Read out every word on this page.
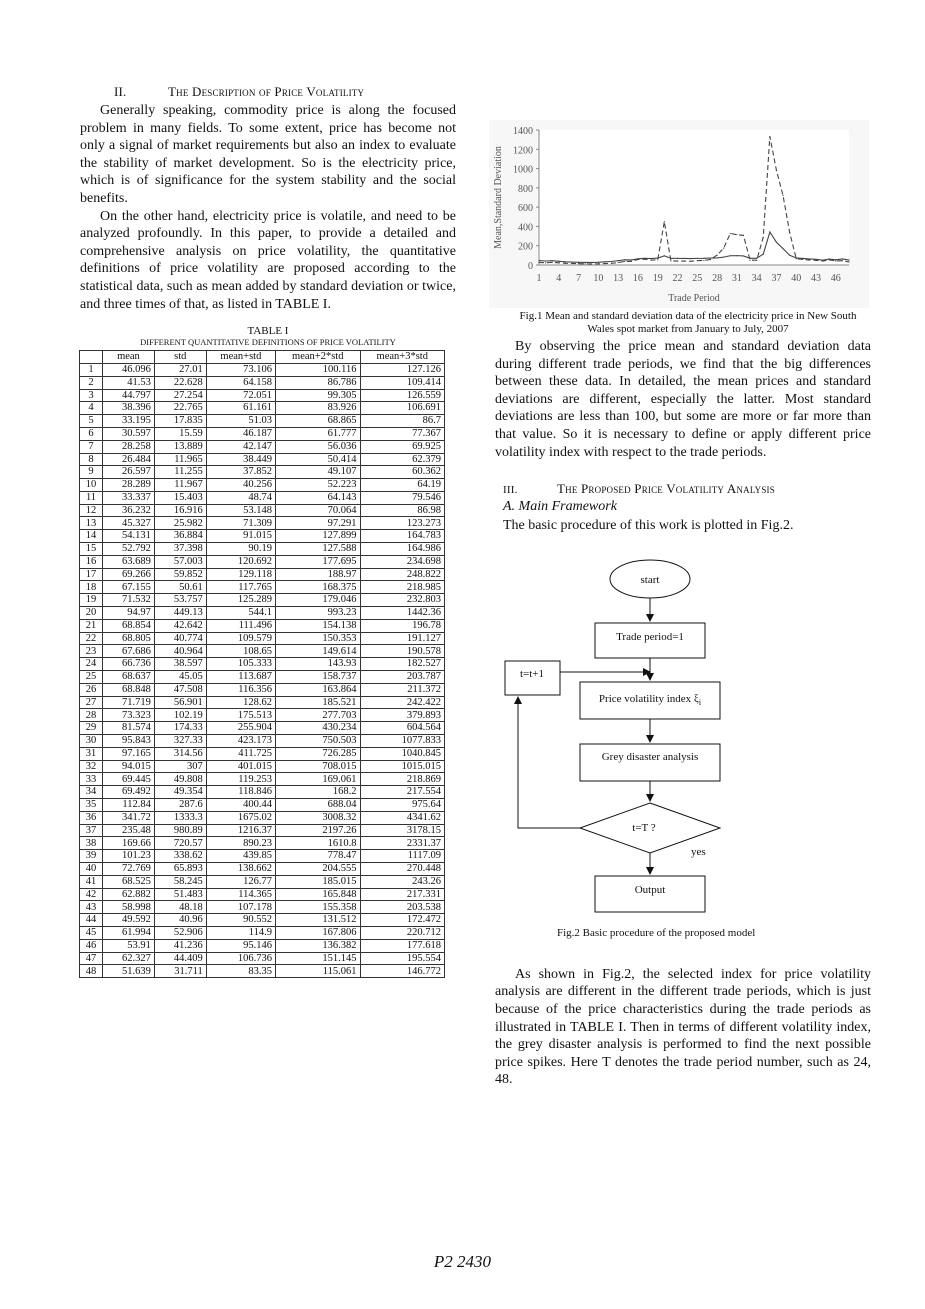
II.	The Description of Price Volatility

Generally speaking, commodity price is along the focused problem in many fields. To some extent, price has become not only a signal of market requirements but also an index to evaluate the stability of market development. So is the electricity price, which is of significance for the system stability and the social benefits.

On the other hand, electricity price is volatile, and need to be analyzed profoundly. In this paper, to provide a detailed and comprehensive analysis on price volatility, the quantitative definitions of price volatility are proposed according to the statistical data, such as mean added by standard deviation or twice, and three times of that, as listed in TABLE I.

TABLE I
DIFFERENT QUANTITATIVE DEFINITIONS OF PRICE VOLATILITY
	mean	std	mean+std	mean+2*std	mean+3*std
1	46.096	27.01	73.106	100.116	127.126
2	41.53	22.628	64.158	86.786	109.414
3	44.797	27.254	72.051	99.305	126.559
4	38.396	22.765	61.161	83.926	106.691
5	33.195	17.835	51.03	68.865	86.7
6	30.597	15.59	46.187	61.777	77.367
7	28.258	13.889	42.147	56.036	69.925
8	26.484	11.965	38.449	50.414	62.379
9	26.597	11.255	37.852	49.107	60.362
10	28.289	11.967	40.256	52.223	64.19
11	33.337	15.403	48.74	64.143	79.546
12	36.232	16.916	53.148	70.064	86.98
13	45.327	25.982	71.309	97.291	123.273
14	54.131	36.884	91.015	127.899	164.783
15	52.792	37.398	90.19	127.588	164.986
16	63.689	57.003	120.692	177.695	234.698
17	69.266	59.852	129.118	188.97	248.822
18	67.155	50.61	117.765	168.375	218.985
19	71.532	53.757	125.289	179.046	232.803
20	94.97	449.13	544.1	993.23	1442.36
21	68.854	42.642	111.496	154.138	196.78
22	68.805	40.774	109.579	150.353	191.127
23	67.686	40.964	108.65	149.614	190.578
24	66.736	38.597	105.333	143.93	182.527
25	68.637	45.05	113.687	158.737	203.787
26	68.848	47.508	116.356	163.864	211.372
27	71.719	56.901	128.62	185.521	242.422
28	73.323	102.19	175.513	277.703	379.893
29	81.574	174.33	255.904	430.234	604.564
30	95.843	327.33	423.173	750.503	1077.833
31	97.165	314.56	411.725	726.285	1040.845
32	94.015	307	401.015	708.015	1015.015
33	69.445	49.808	119.253	169.061	218.869
34	69.492	49.354	118.846	168.2	217.554
35	112.84	287.6	400.44	688.04	975.64
36	341.72	1333.3	1675.02	3008.32	4341.62
37	235.48	980.89	1216.37	2197.26	3178.15
38	169.66	720.57	890.23	1610.8	2331.37
39	101.23	338.62	439.85	778.47	1117.09
40	72.769	65.893	138.662	204.555	270.448
41	68.525	58.245	126.77	185.015	243.26
42	62.882	51.483	114.365	165.848	217.331
43	58.998	48.18	107.178	155.358	203.538
44	49.592	40.96	90.552	131.512	172.472
45	61.994	52.906	114.9	167.806	220.712
46	53.91	41.236	95.146	136.382	177.618
47	62.327	44.409	106.736	151.145	195.554
48	51.639	31.711	83.35	115.061	146.772
0
200
400
600
800
1000
1200
1400
1 4 7 10 13 16 19 22 25 28 31 34 37 40 43 46
Trade Period
Mean,Standard Deviation
Fig.1 Mean and standard deviation data of the electricity price in New South Wales spot market from January to July, 2007

By observing the price mean and standard deviation data during different trade periods, we find that the big differences between these data. In detailed, the mean prices and standard deviations are different, especially the latter. Most standard deviations are less than 100, but some are more or far more than that value. So it is necessary to define or apply different price volatility index with respect to the trade periods.

III.	The Proposed Price Volatility Analysis
A. Main Framework

The basic procedure of this work is plotted in Fig.2.

start
Trade period=1
t=t+1
Price volatility index $\xi_i$
Grey disaster analysis
t=T ?
yes
Output
Fig.2 Basic procedure of the proposed model

As shown in Fig.2, the selected index for price volatility analysis are different in the different trade periods, which is just because of the price characteristics during the trade periods as illustrated in TABLE I. Then in terms of different volatility index, the grey disaster analysis is performed to find the next possible price spikes. Here T denotes the trade period number, such as 24, 48.

P2 2430
